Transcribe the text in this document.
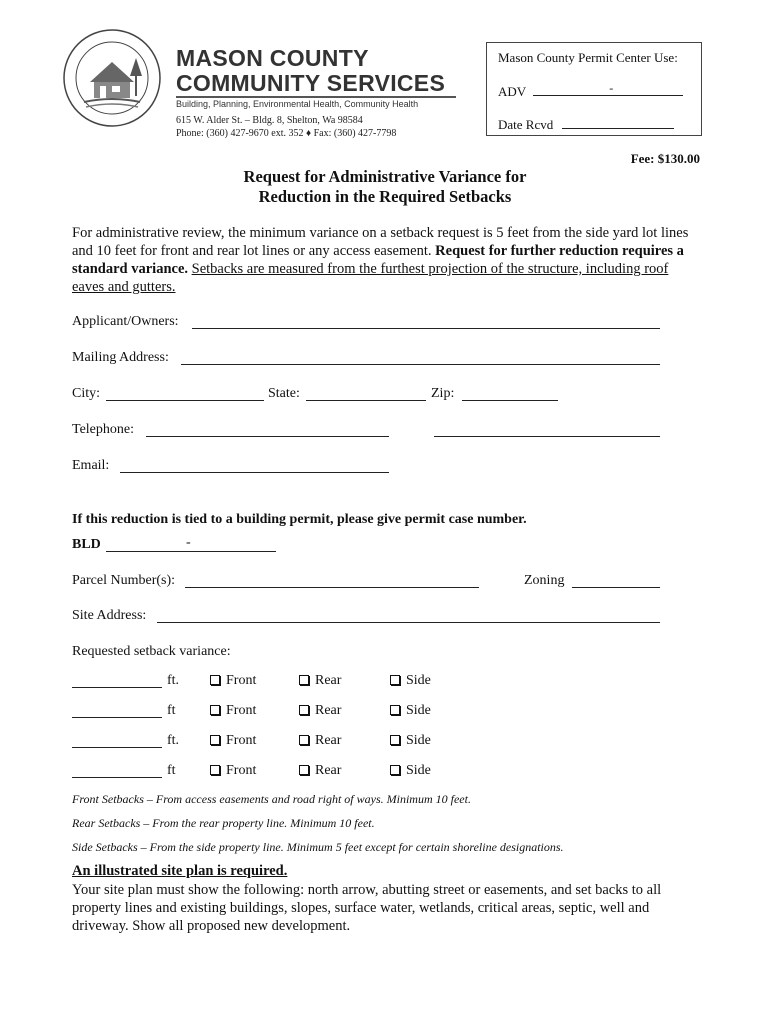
MASON COUNTY
COMMUNITY SERVICES
Building, Planning, Environmental Health, Community Health
615 W. Alder St. – Bldg. 8, Shelton, Wa 98584
Phone: (360) 427-9670 ext. 352 ♦ Fax: (360) 427-7798
Mason County Permit Center Use:
ADV	-
Date Rcvd
Fee: $130.00
Request for Administrative Variance for
Reduction in the Required Setbacks
For administrative review, the minimum variance on a setback request is 5 feet from the side yard lot lines and 10 feet for front and rear lot lines or any access easement. Request for further reduction requires a standard variance. Setbacks are measured from the furthest projection of the structure, including roof eaves and gutters.
Applicant/Owners:
Mailing Address:
City:	State:	Zip:
Telephone:
Email:
If this reduction is tied to a building permit, please give permit case number.
BLD	-
Parcel Number(s):	Zoning
Site Address:
Requested setback variance:
ft.	Front	Rear	Side
ft	Front	Rear	Side
ft.	Front	Rear	Side
ft	Front	Rear	Side
Front Setbacks – From access easements and road right of ways. Minimum 10 feet.
Rear Setbacks – From the rear property line. Minimum 10 feet.
Side Setbacks – From the side property line. Minimum 5 feet except for certain shoreline designations.
An illustrated site plan is required.
Your site plan must show the following: north arrow, abutting street or easements, and set backs to all property lines and existing buildings, slopes, surface water, wetlands, critical areas, septic, well and driveway. Show all proposed new development.
